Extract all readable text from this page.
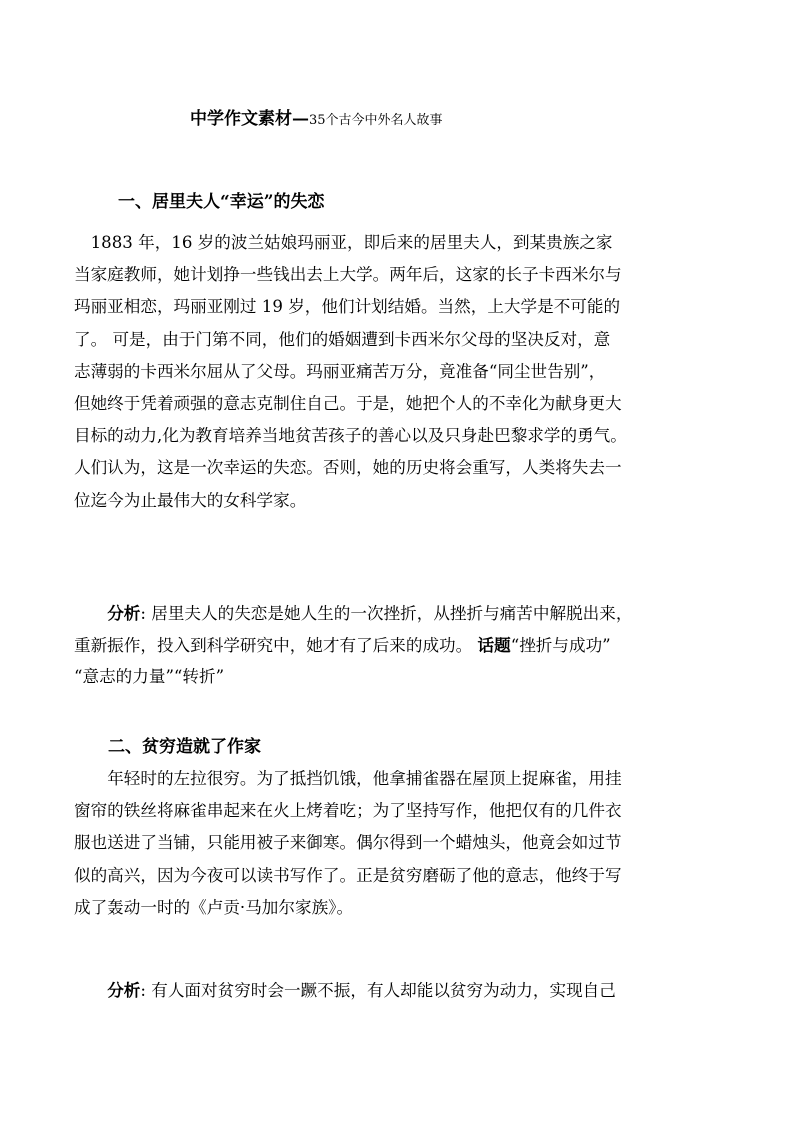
中学作文素材—35个古今中外名人故事
一、居里夫人“幸运”的失恋
　1883 年，16 岁的波兰姑娘玛丽亚，即后来的居里夫人，到某贵族之家
当家庭教师，她计划挣一些钱出去上大学。两年后，这家的长子卡西米尔与
玛丽亚相恋，玛丽亚刚过 19 岁，他们计划结婚。当然，上大学是不可能的
了。 可是，由于门第不同，他们的婚姻遭到卡西米尔父母的坚决反对，意
志薄弱的卡西米尔屈从了父母。玛丽亚痛苦万分，竟准备“同尘世告别”，
但她终于凭着顽强的意志克制住自己。于是，她把个人的不幸化为献身更大
目标的动力,化为教育培养当地贫苦孩子的善心以及只身赴巴黎求学的勇气。
人们认为，这是一次幸运的失恋。否则，她的历史将会重写，人类将失去一
位迄今为止最伟大的女科学家。
　　分析: 居里夫人的失恋是她人生的一次挫折，从挫折与痛苦中解脱出来，
重新振作，投入到科学研究中，她才有了后来的成功。 话题“挫折与成功”
“意志的力量”“转折”
二、贫穷造就了作家
　　年轻时的左拉很穷。为了抵挡饥饿，他拿捕雀器在屋顶上捉麻雀，用挂
窗帘的铁丝将麻雀串起来在火上烤着吃；为了坚持写作，他把仅有的几件衣
服也送进了当铺，只能用被子来御寒。偶尔得到一个蜡烛头，他竟会如过节
似的高兴，因为今夜可以读书写作了。正是贫穷磨砺了他的意志，他终于写
成了轰动一时的《卢贡·马加尔家族》。
　　分析: 有人面对贫穷时会一蹶不振，有人却能以贫穷为动力，实现自己
